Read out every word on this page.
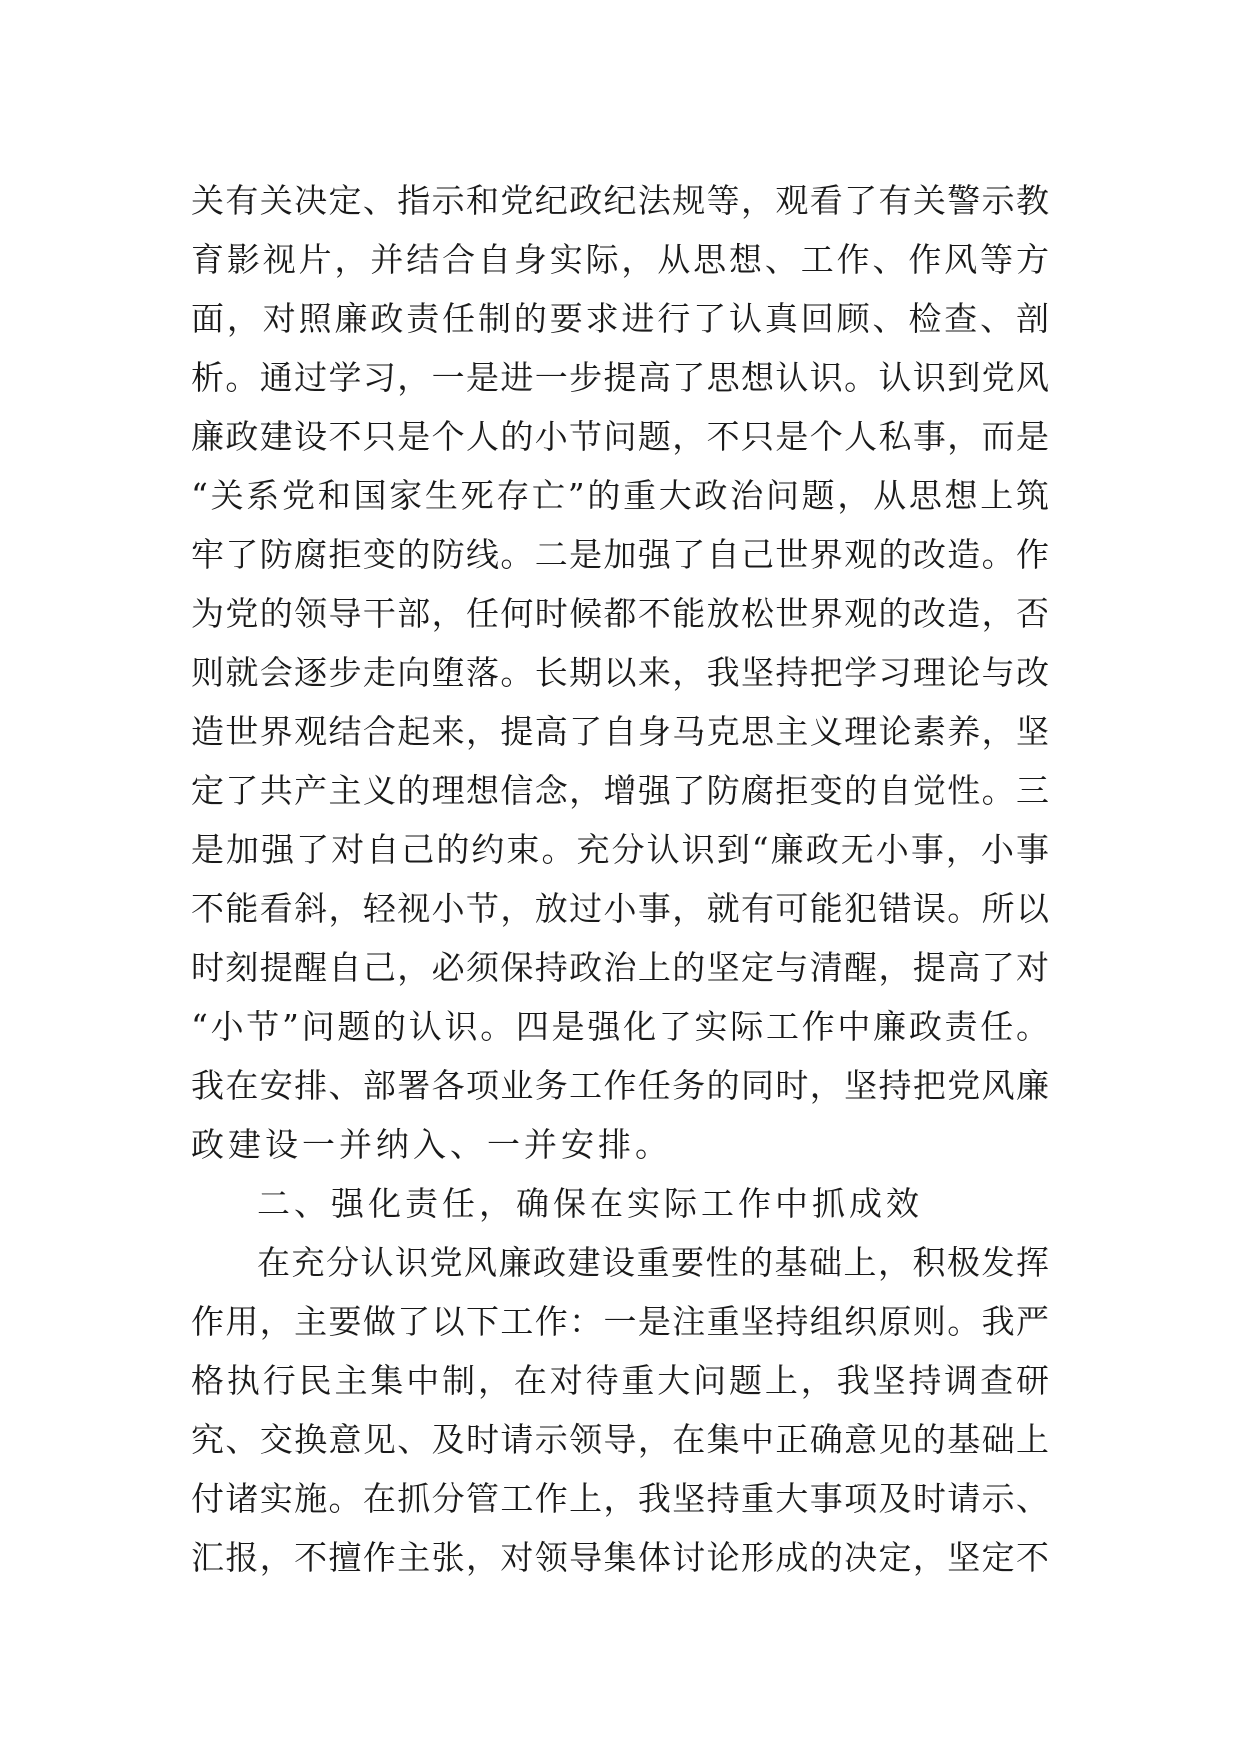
关有关决定、指示和党纪政纪法规等，观看了有关警示教
育影视片，并结合自身实际，从思想、工作、作风等方
面，对照廉政责任制的要求进行了认真回顾、检查、剖
析。通过学习，一是进一步提高了思想认识。认识到党风
廉政建设不只是个人的小节问题，不只是个人私事，而是
“关系党和国家生死存亡”的重大政治问题，从思想上筑
牢了防腐拒变的防线。二是加强了自己世界观的改造。作
为党的领导干部，任何时候都不能放松世界观的改造，否
则就会逐步走向堕落。长期以来，我坚持把学习理论与改
造世界观结合起来，提高了自身马克思主义理论素养，坚
定了共产主义的理想信念，增强了防腐拒变的自觉性。三
是加强了对自己的约束。充分认识到“廉政无小事，小事
不能看斜，轻视小节，放过小事，就有可能犯错误。所以
时刻提醒自己，必须保持政治上的坚定与清醒，提高了对
“小节”问题的认识。四是强化了实际工作中廉政责任。
我在安排、部署各项业务工作任务的同时，坚持把党风廉
政建设一并纳入、一并安排。
二、强化责任，确保在实际工作中抓成效
在充分认识党风廉政建设重要性的基础上，积极发挥
作用，主要做了以下工作：一是注重坚持组织原则。我严
格执行民主集中制，在对待重大问题上，我坚持调查研
究、交换意见、及时请示领导，在集中正确意见的基础上
付诸实施。在抓分管工作上，我坚持重大事项及时请示、
汇报，不擅作主张，对领导集体讨论形成的决定，坚定不
